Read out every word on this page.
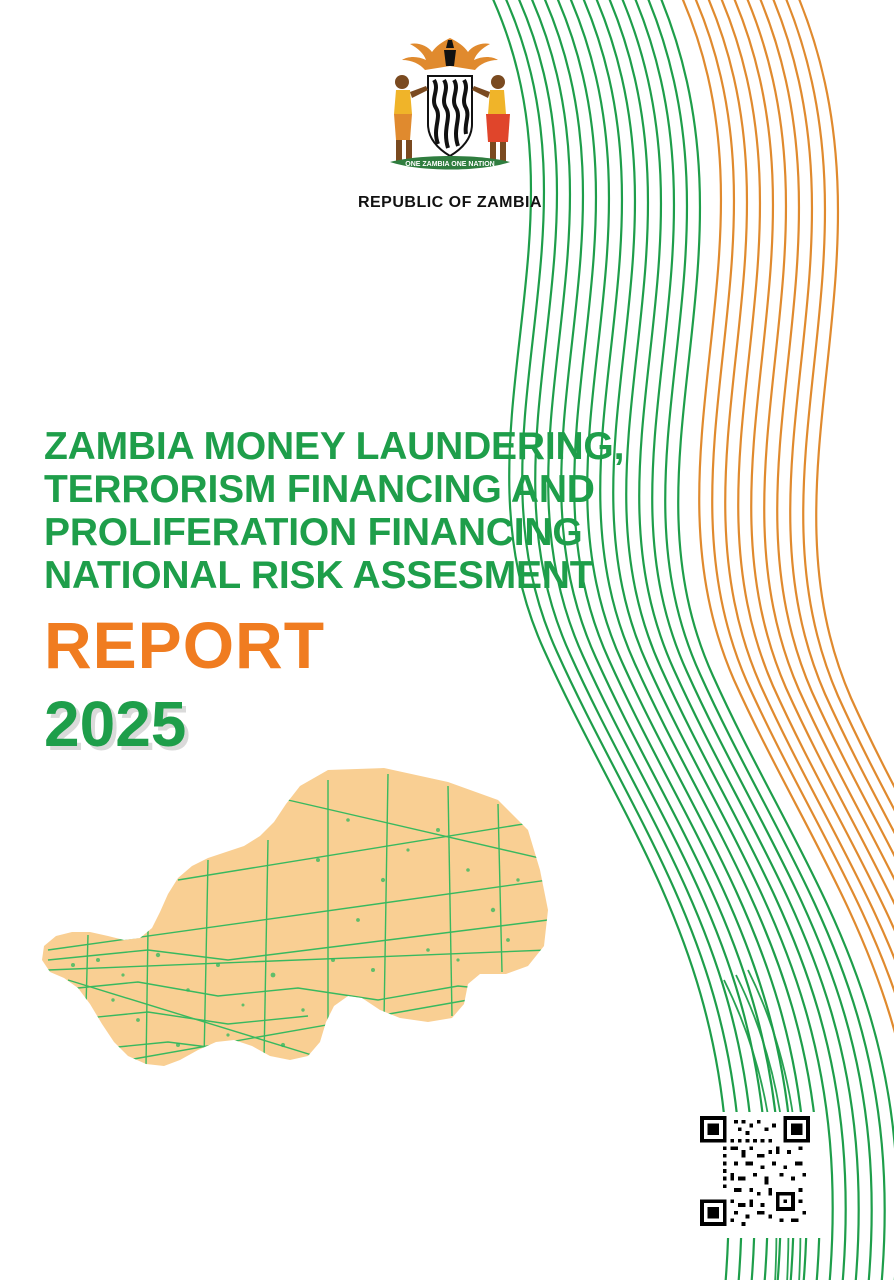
ONE ZAMBIA ONE NATION
REPUBLIC OF ZAMBIA
ZAMBIA MONEY LAUNDERING,
TERRORISM FINANCING AND
PROLIFERATION FINANCING
NATIONAL RISK ASSESMENT
REPORT
2025
